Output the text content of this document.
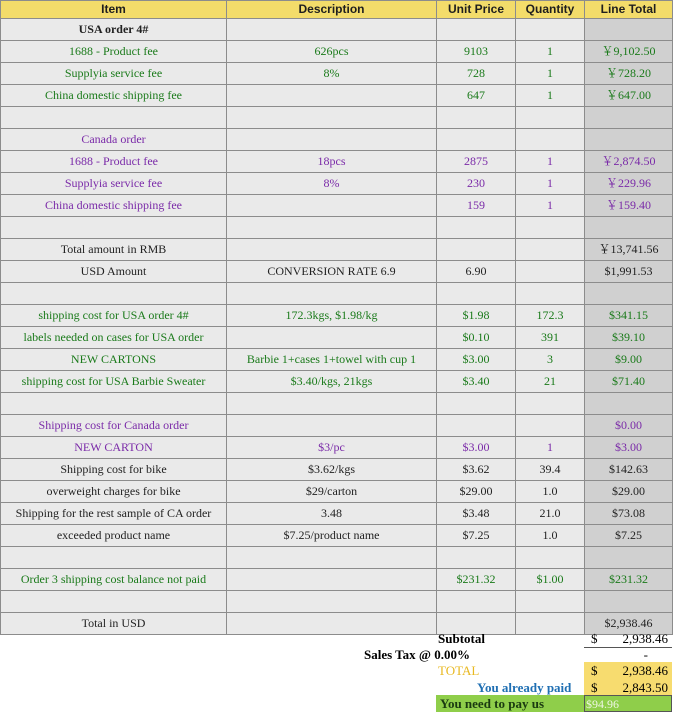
Item	Description	Unit Price	Quantity	Line Total
USA order 4#				
1688 - Product fee	626pcs	9103	1	￥9,102.50
Supplyia service fee	8%	728	1	￥728.20
China domestic shipping fee		647	1	￥647.00

Canada order				
1688 - Product fee	18pcs	2875	1	￥2,874.50
Supplyia service fee	8%	230	1	￥229.96
China domestic shipping fee		159	1	￥159.40

Total amount in RMB				￥13,741.56
USD Amount	CONVERSION RATE 6.9	6.90		$1,991.53

shipping cost for USA order 4#	172.3kgs, $1.98/kg	$1.98	172.3	$341.15
labels needed on cases for USA order		$0.10	391	$39.10
NEW CARTONS	Barbie 1+cases 1+towel with cup 1	$3.00	3	$9.00
shipping cost for USA Barbie Sweater	$3.40/kgs, 21kgs	$3.40	21	$71.40

Shipping cost for Canada order				$0.00
NEW CARTON	$3/pc	$3.00	1	$3.00
Shipping cost for bike	$3.62/kgs	$3.62	39.4	$142.63
overweight charges for bike	$29/carton	$29.00	1.0	$29.00
Shipping for the rest sample of CA order	3.48	$3.48	21.0	$73.08
exceeded product name	$7.25/product name	$7.25	1.0	$7.25

Order 3 shipping cost balance not paid		$231.32	$1.00	$231.32

Total in USD				$2,938.46
Subtotal	$ 2,938.46
Sales Tax @ 0.00%	-
TOTAL	$ 2,938.46
You already paid $ 2,843.50
You need to pay us	$94.96
